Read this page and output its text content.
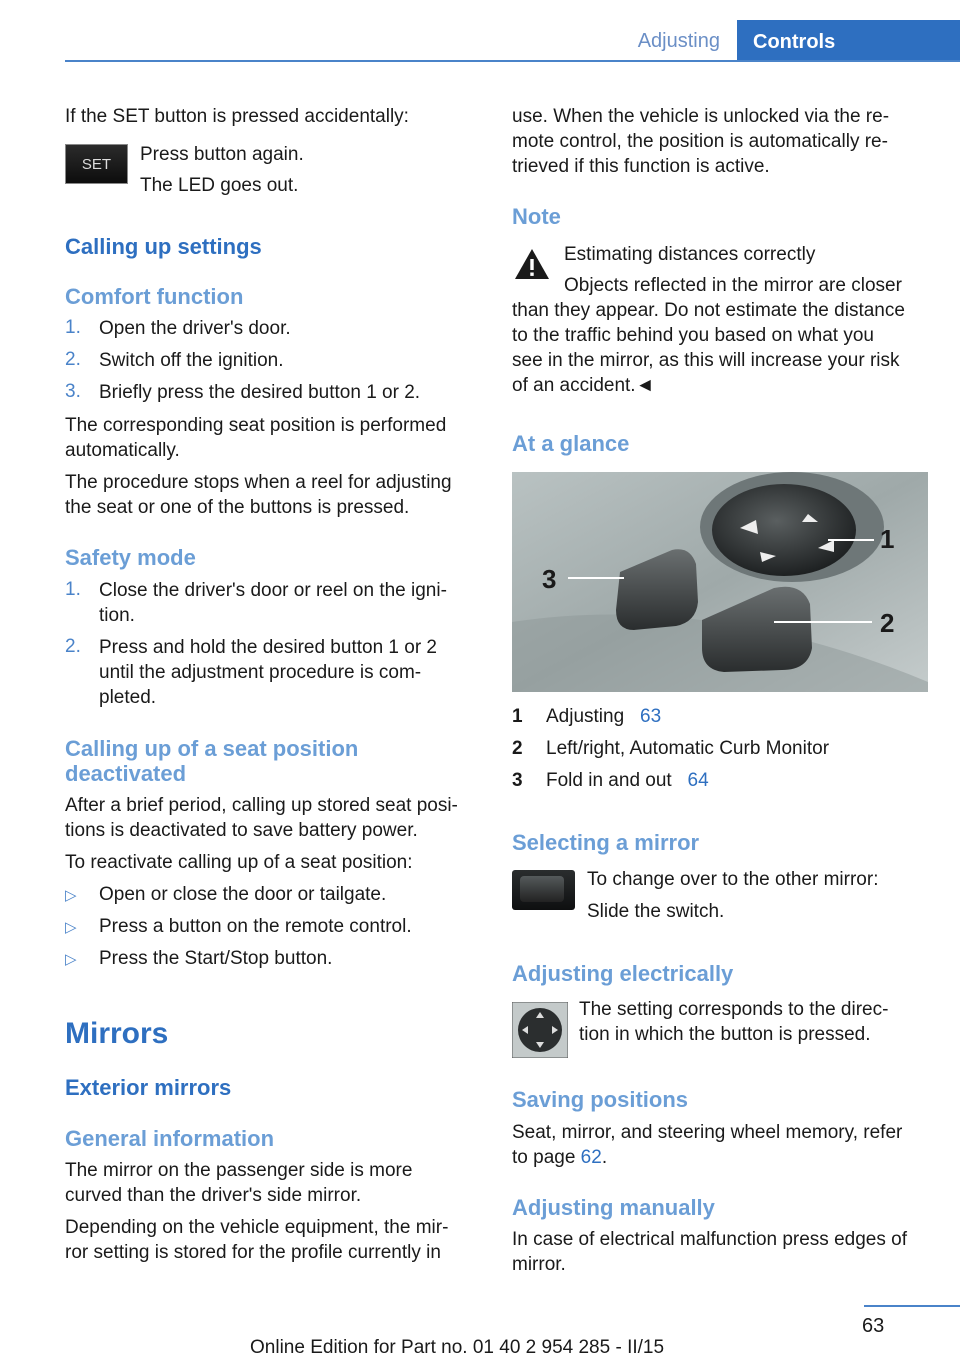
Adjusting	Controls
If the SET button is pressed accidentally:
SET Press button again.
The LED goes out.
Calling up settings
Comfort function
1. Open the driver's door.
2. Switch off the ignition.
3. Briefly press the desired button 1 or 2.
The corresponding seat position is performed
automatically.
The procedure stops when a reel for adjusting
the seat or one of the buttons is pressed.
Safety mode
1. Close the driver's door or reel on the igni‐
tion.
2. Press and hold the desired button 1 or 2
until the adjustment procedure is com‐
pleted.
Calling up of a seat position
deactivated
After a brief period, calling up stored seat posi‐
tions is deactivated to save battery power.
To reactivate calling up of a seat position:
▷ Open or close the door or tailgate.
▷ Press a button on the remote control.
▷ Press the Start/Stop button.
Mirrors
Exterior mirrors
General information
The mirror on the passenger side is more
curved than the driver's side mirror.
Depending on the vehicle equipment, the mir‐
ror setting is stored for the profile currently in
use. When the vehicle is unlocked via the re‐
mote control, the position is automatically re‐
trieved if this function is active.
Note
Estimating distances correctly
Objects reflected in the mirror are closer
than they appear. Do not estimate the distance
to the traffic behind you based on what you
see in the mirror, as this will increase your risk
of an accident.◄
At a glance
1
2
3
1 Adjusting 63
2 Left/right, Automatic Curb Monitor
3 Fold in and out 64
Selecting a mirror
To change over to the other mirror:
Slide the switch.
Adjusting electrically
The setting corresponds to the direc‐
tion in which the button is pressed.
Saving positions
Seat, mirror, and steering wheel memory, refer
to page 62.
Adjusting manually
In case of electrical malfunction press edges of
mirror.
63
Online Edition for Part no. 01 40 2 954 285 - II/15
